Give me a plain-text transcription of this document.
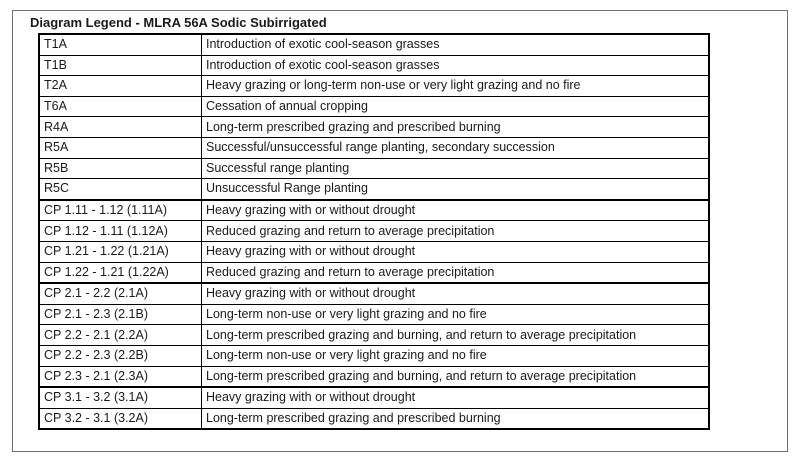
Diagram Legend - MLRA 56A Sodic Subirrigated
T1A	Introduction of exotic cool-season grasses
T1B	Introduction of exotic cool-season grasses
T2A	Heavy grazing or long-term non-use or very light grazing and no fire
T6A	Cessation of annual cropping
R4A	Long-term prescribed grazing and prescribed burning
R5A	Successful/unsuccessful range planting, secondary succession
R5B	Successful range planting
R5C	Unsuccessful Range planting
CP 1.11 - 1.12 (1.11A)	Heavy grazing with or without drought
CP 1.12 - 1.11 (1.12A)	Reduced grazing and return to average precipitation
CP 1.21 - 1.22 (1.21A)	Heavy grazing with or without drought
CP 1.22 - 1.21 (1.22A)	Reduced grazing and return to average precipitation
CP 2.1 - 2.2 (2.1A)	Heavy grazing with or without drought
CP 2.1 - 2.3 (2.1B)	Long-term non-use or very light grazing and no fire
CP 2.2 - 2.1 (2.2A)	Long-term prescribed grazing and burning, and return to average precipitation
CP 2.2 - 2.3 (2.2B)	Long-term non-use or very light grazing and no fire
CP 2.3 - 2.1 (2.3A)	Long-term prescribed grazing and burning, and return to average precipitation
CP 3.1 - 3.2 (3.1A)	Heavy grazing with or without drought
CP 3.2 - 3.1 (3.2A)	Long-term prescribed grazing and prescribed burning
